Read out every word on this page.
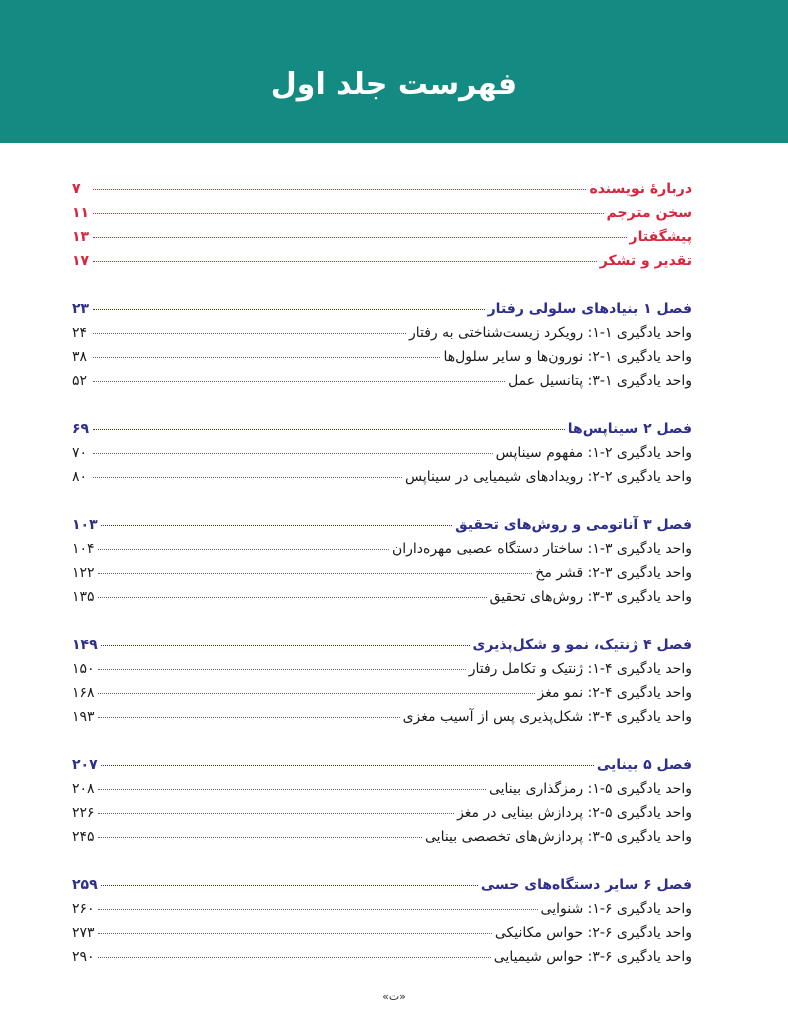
فهرست جلد اول
دربارهٔ نویسنده
۷
سخن مترجم
۱۱
پیشگفتار
۱۳
تقدیر و تشکر
۱۷
فصل ۱ بنیادهای سلولی رفتار
۲۳
واحد یادگیری ۱-۱: رویکرد زیست‌شناختی به رفتار
۲۴
واحد یادگیری ۱-۲: نورون‌ها و سایر سلول‌ها
۳۸
واحد یادگیری ۱-۳: پتانسیل عمل
۵۲
فصل ۲ سیناپس‌ها
۶۹
واحد یادگیری ۲-۱: مفهوم سیناپس
۷۰
واحد یادگیری ۲-۲: رویدادهای شیمیایی در سیناپس
۸۰
فصل ۳ آناتومی و روش‌های تحقیق
۱۰۳
واحد یادگیری ۳-۱: ساختار دستگاه عصبی مهره‌داران
۱۰۴
واحد یادگیری ۳-۲: قشر مخ
۱۲۲
واحد یادگیری ۳-۳: روش‌های تحقیق
۱۳۵
فصل ۴ ژنتیک، نمو و شکل‌پذیری
۱۴۹
واحد یادگیری ۴-۱: ژنتیک و تکامل رفتار
۱۵۰
واحد یادگیری ۴-۲: نمو مغز
۱۶۸
واحد یادگیری ۴-۳: شکل‌پذیری پس از آسیب مغزی
۱۹۳
فصل ۵ بینایی
۲۰۷
واحد یادگیری ۵-۱: رمزگذاری بینایی
۲۰۸
واحد یادگیری ۵-۲: پردازش بینایی در مغز
۲۲۶
واحد یادگیری ۵-۳: پردازش‌های تخصصی بینایی
۲۴۵
فصل ۶ سایر دستگاه‌های حسی
۲۵۹
واحد یادگیری ۶-۱: شنوایی
۲۶۰
واحد یادگیری ۶-۲: حواس مکانیکی
۲۷۳
واحد یادگیری ۶-۳: حواس شیمیایی
۲۹۰
«ت»
